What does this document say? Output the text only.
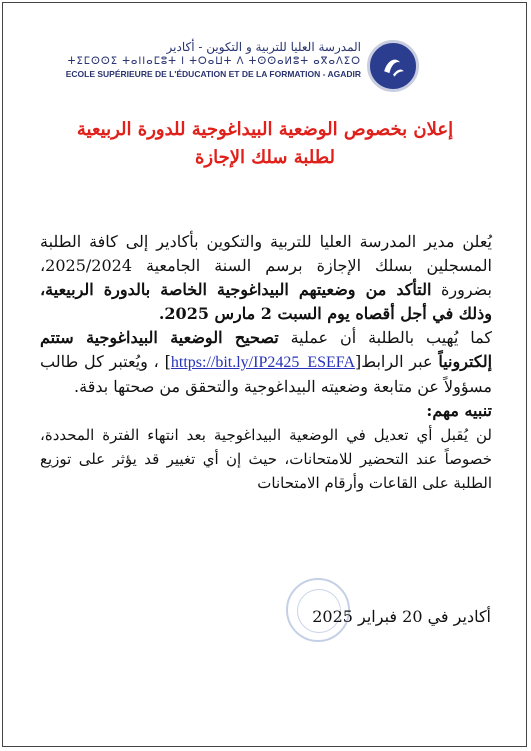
المدرسة العليا للتربية و التكوين - أكادير
ⵜⵉⵎⵙⵙⵉ ⵜⴰⵏⵏⴰⵎⵓⵜ ⵏ ⵜⵔⴰⵡⵜ ⴷ ⵜⵙⵙⴰⵍⵓⵜ ⴰⴳⴰⴷⵉⵔ
ECOLE SUPÉRIEURE DE L'ÉDUCATION ET DE LA FORMATION - AGADIR
إعلان بخصوص الوضعية البيداغوجية للدورة الربيعية
لطلبة سلك الإجازة

يُعلن مدير المدرسة العليا للتربية والتكوين بأكادير إلى كافة الطلبة المسجلين بسلك الإجازة برسم السنة الجامعية 2025/2024، بضرورة التأكد من وضعيتهم البيداغوجية الخاصة بالدورة الربيعية، وذلك في أجل أقصاه يوم السبت 2 مارس 2025.

كما يُهيب بالطلبة أن عملية تصحيح الوضعية البيداغوجية ستتم إلكترونياً عبر الرابط[https://bit.ly/IP2425_ESEFA] ، ويُعتبر كل طالب مسؤولاً عن متابعة وضعيته البيداغوجية والتحقق من صحتها بدقة.

تنبيه مهم:

لن يُقبل أي تعديل في الوضعية البيداغوجية بعد انتهاء الفترة المحددة، خصوصاً عند التحضير للامتحانات، حيث إن أي تغيير قد يؤثر على توزيع الطلبة على القاعات وأرقام الامتحانات

أكادير في 20 فبراير 2025
